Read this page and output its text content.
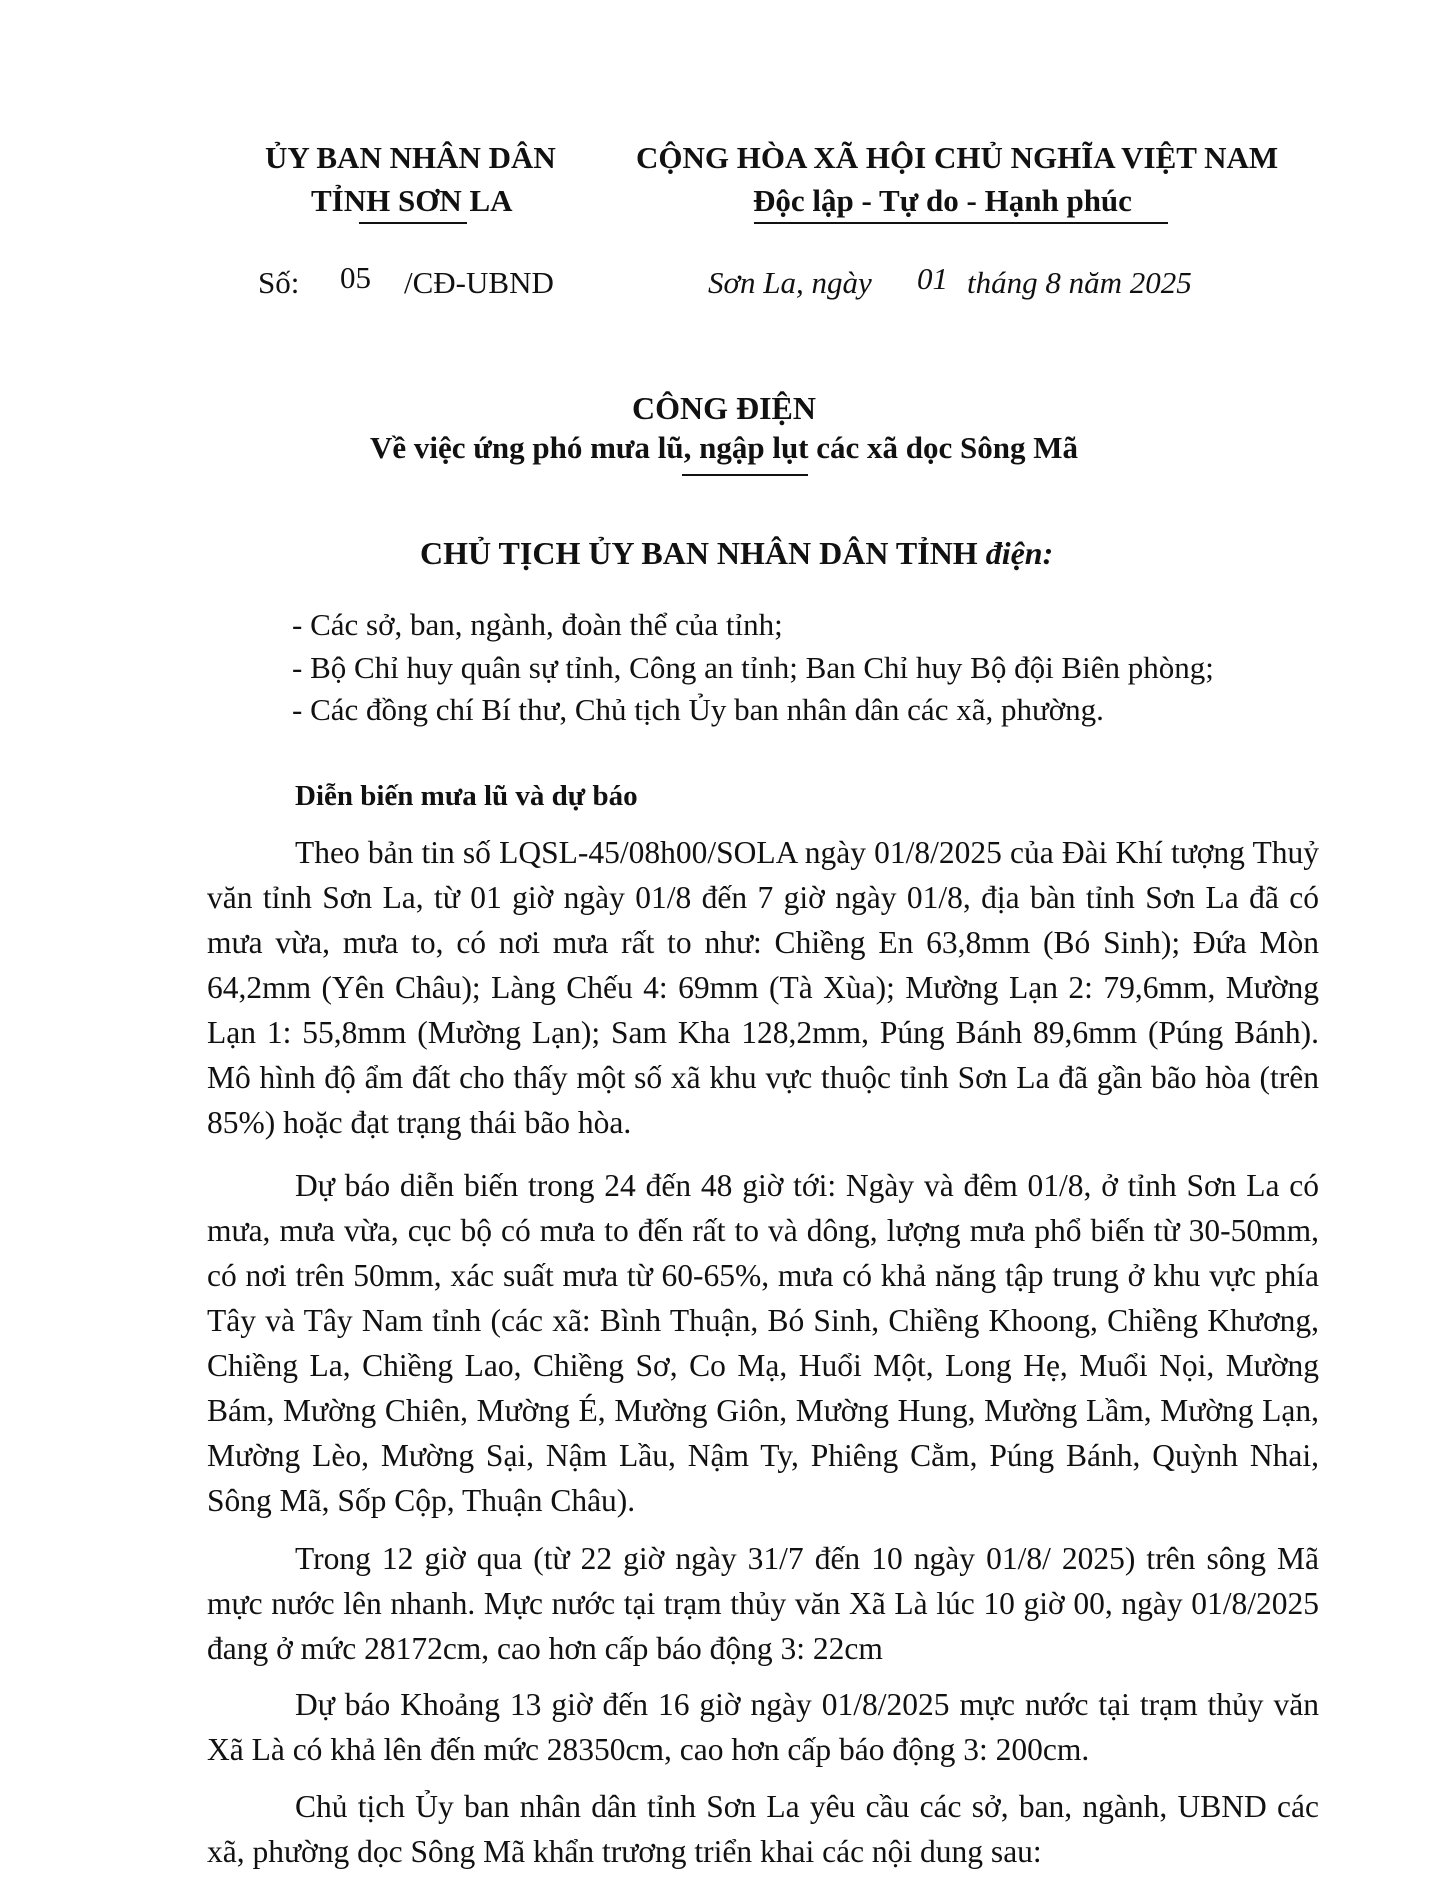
ỦY BAN NHÂN DÂN
TỈNH SƠN LA
CỘNG HÒA XÃ HỘI CHỦ NGHĨA VIỆT NAM
Độc lập - Tự do - Hạnh phúc
Số: 05 /CĐ-UBND	Sơn La, ngày 01 tháng 8 năm 2025
CÔNG ĐIỆN
Về việc ứng phó mưa lũ, ngập lụt các xã dọc Sông Mã
CHỦ TỊCH ỦY BAN NHÂN DÂN TỈNH điện:
- Các sở, ban, ngành, đoàn thể của tỉnh;
- Bộ Chỉ huy quân sự tỉnh, Công an tỉnh; Ban Chỉ huy Bộ đội Biên phòng;
- Các đồng chí Bí thư, Chủ tịch Ủy ban nhân dân các xã, phường.
Diễn biến mưa lũ và dự báo

Theo bản tin số LQSL-45/08h00/SOLA ngày 01/8/2025 của Đài Khí tượng Thuỷ văn tỉnh Sơn La, từ 01 giờ ngày 01/8 đến 7 giờ ngày 01/8, địa bàn tỉnh Sơn La đã có mưa vừa, mưa to, có nơi mưa rất to như: Chiềng En 63,8mm (Bó Sinh); Đứa Mòn 64,2mm (Yên Châu); Làng Chếu 4: 69mm (Tà Xùa); Mường Lạn 2: 79,6mm, Mường Lạn 1: 55,8mm (Mường Lạn); Sam Kha 128,2mm, Púng Bánh 89,6mm (Púng Bánh). Mô hình độ ẩm đất cho thấy một số xã khu vực thuộc tỉnh Sơn La đã gần bão hòa (trên 85%) hoặc đạt trạng thái bão hòa.

Dự báo diễn biến trong 24 đến 48 giờ tới: Ngày và đêm 01/8, ở tỉnh Sơn La có mưa, mưa vừa, cục bộ có mưa to đến rất to và dông, lượng mưa phổ biến từ 30-50mm, có nơi trên 50mm, xác suất mưa từ 60-65%, mưa có khả năng tập trung ở khu vực phía Tây và Tây Nam tỉnh (các xã: Bình Thuận, Bó Sinh, Chiềng Khoong, Chiềng Khương, Chiềng La, Chiềng Lao, Chiềng Sơ, Co Mạ, Huổi Một, Long Hẹ, Muổi Nọi, Mường Bám, Mường Chiên, Mường É, Mường Giôn, Mường Hung, Mường Lầm, Mường Lạn, Mường Lèo, Mường Sại, Nậm Lầu, Nậm Ty, Phiêng Cằm, Púng Bánh, Quỳnh Nhai, Sông Mã, Sốp Cộp, Thuận Châu).

Trong 12 giờ qua (từ 22 giờ ngày 31/7 đến 10 ngày 01/8/ 2025) trên sông Mã mực nước lên nhanh. Mực nước tại trạm thủy văn Xã Là lúc 10 giờ 00, ngày 01/8/2025 đang ở mức 28172cm, cao hơn cấp báo động 3: 22cm

Dự báo Khoảng 13 giờ đến 16 giờ ngày 01/8/2025 mực nước tại trạm thủy văn Xã Là có khả lên đến mức 28350cm, cao hơn cấp báo động 3: 200cm.

Chủ tịch Ủy ban nhân dân tỉnh Sơn La yêu cầu các sở, ban, ngành, UBND các xã, phường dọc Sông Mã khẩn trương triển khai các nội dung sau:
